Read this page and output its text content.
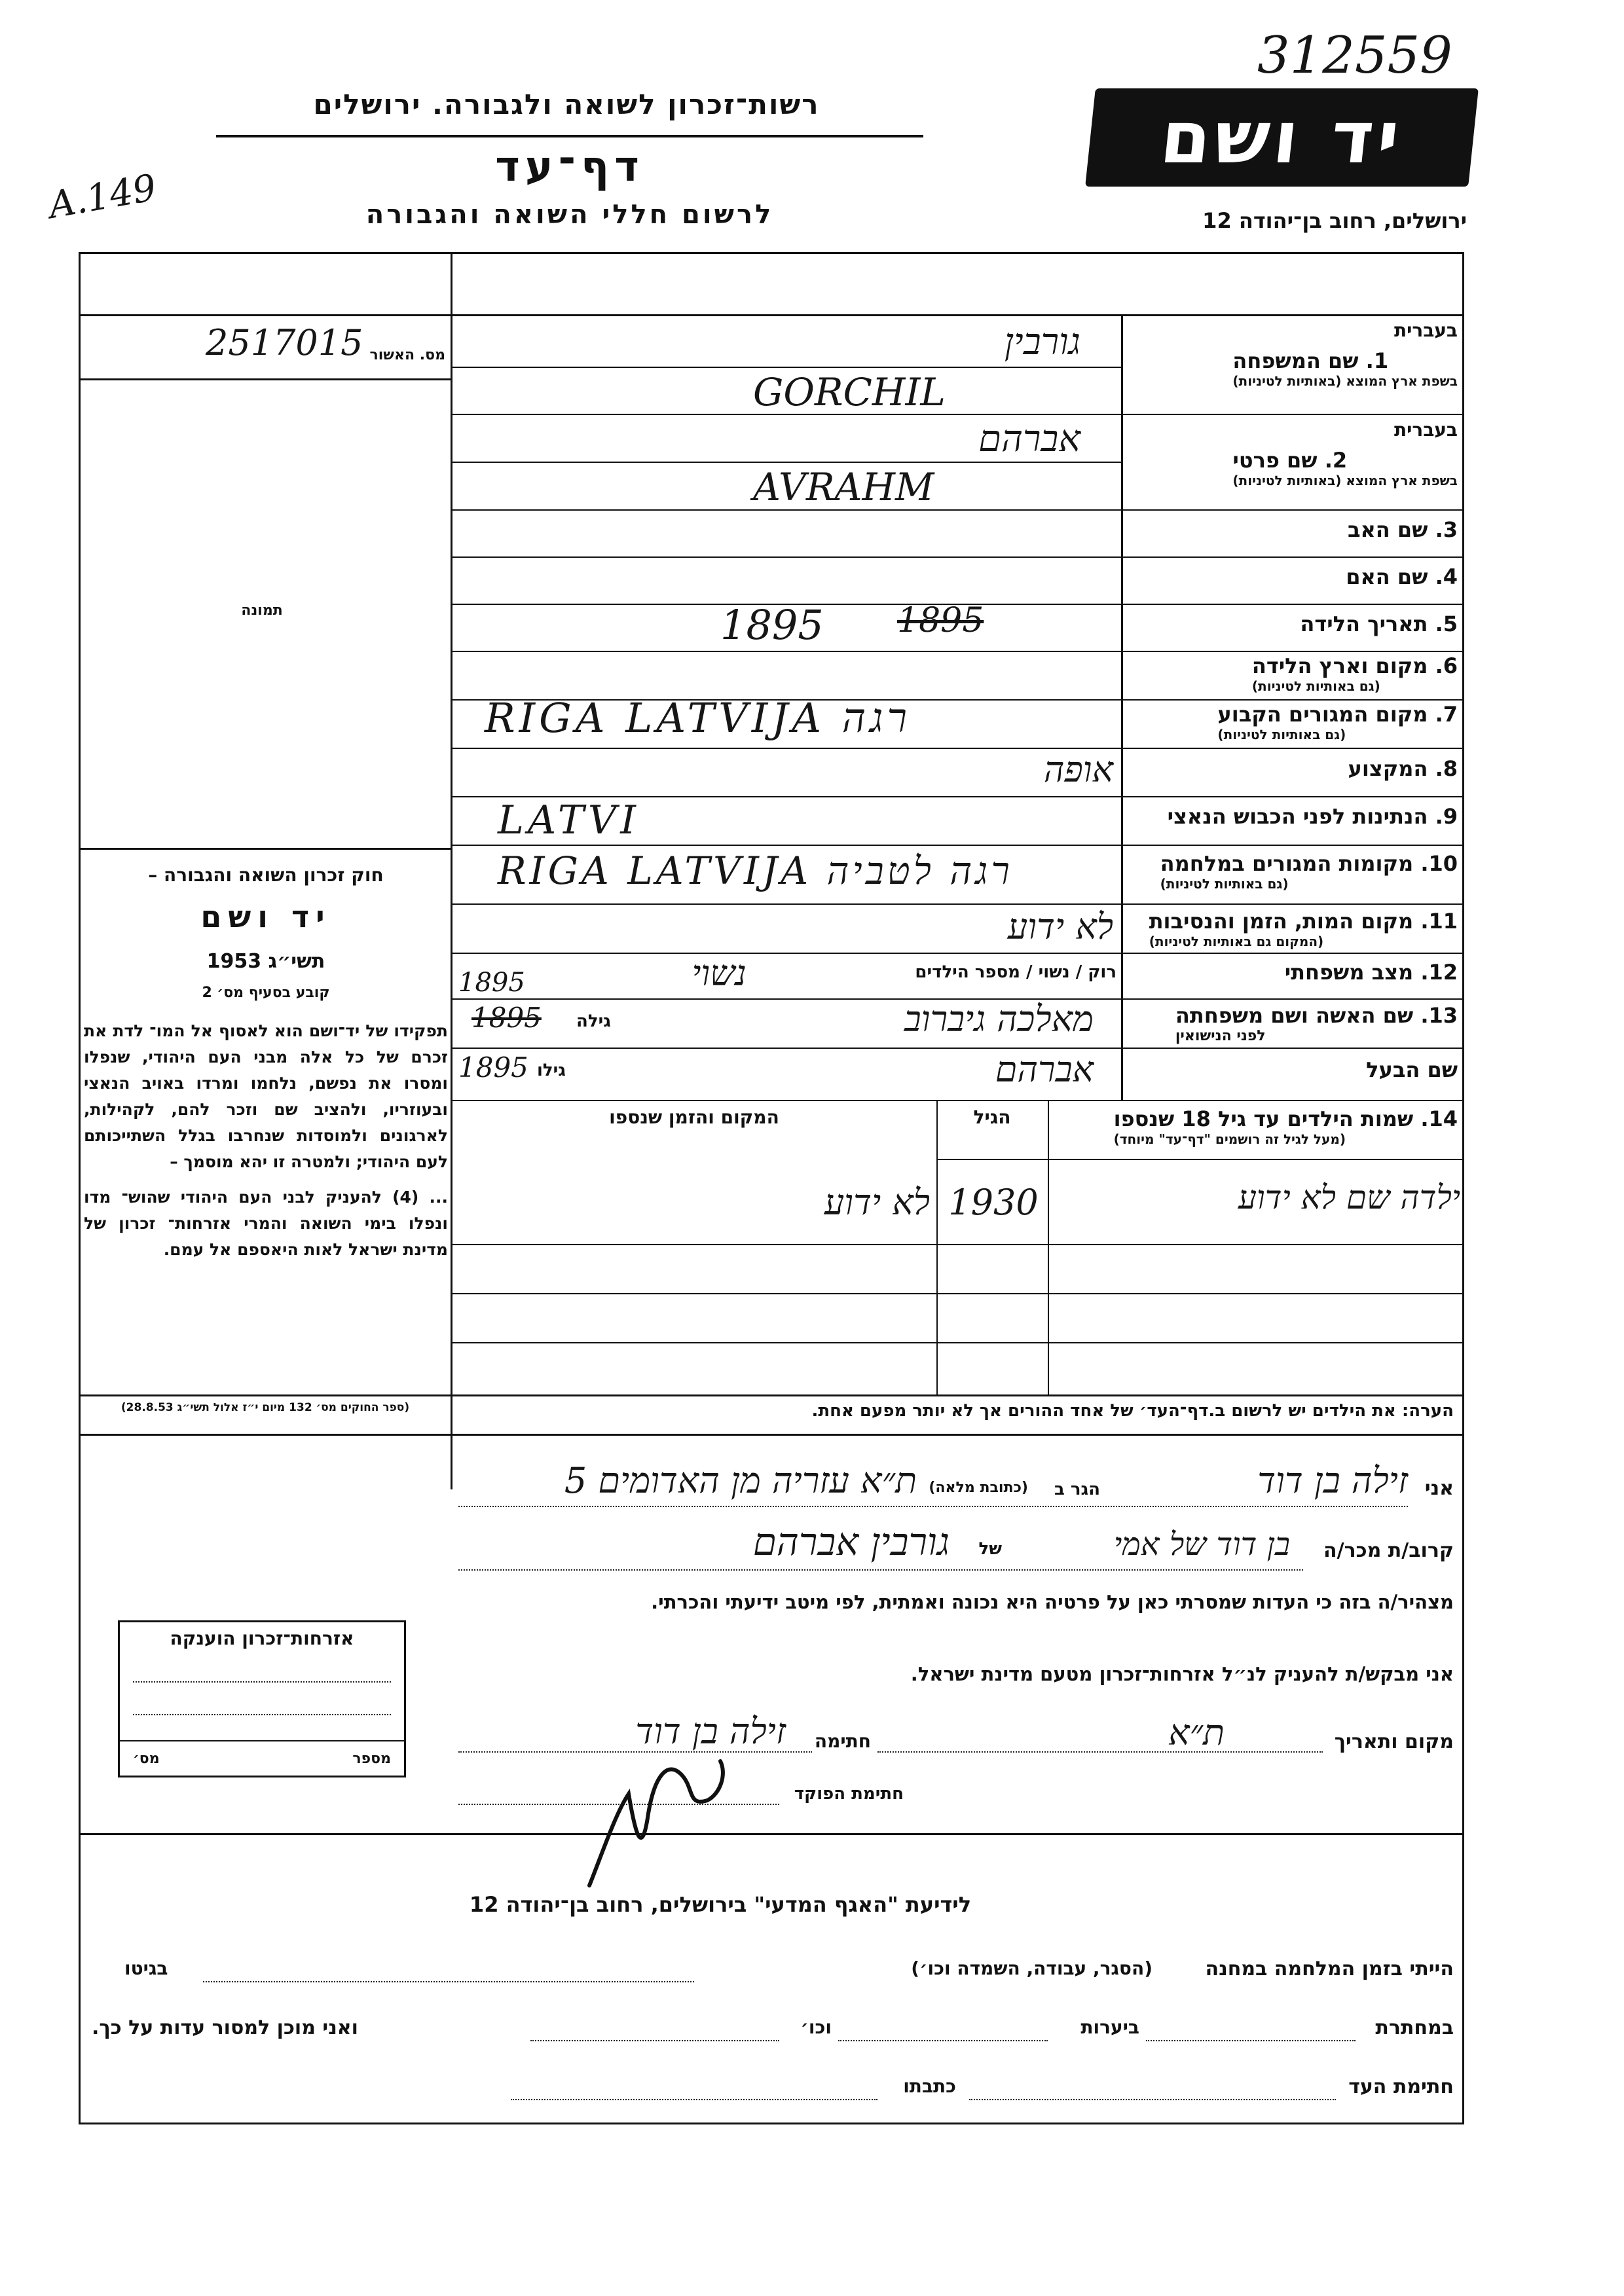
312559
A.149
רשות־זכרון לשואה ולגבורה. ירושלים
דף־עד
לרשום חללי השואה והגבורה
יד ושם
ירושלים, רחוב בן־יהודה 12
2517015 מס. האשור
תמונה
חוק זכרון השואה והגבורה –
יד ושם
תשי״ג 1953
קובע בסעיף מס׳ 2
תפקידו של יד־ושם הוא לאסוף אל המו־ לדת את זכרם של כל אלה מבני העם היהודי, שנפלו ומסרו את נפשם, נלחמו ומרדו באויב הנאצי ובעוזריו, ולהציב שם וזכר להם, לקהילות, לארגונים ולמוסדות שנחרבו בגלל השתייכותם לעם היהודי; ולמטרה זו יהא מוסמך –
... (4) להעניק לבני העם היהודי שהוש־ מדו ונפלו בימי השואה והמרי אזרחות־ זכרון של מדינת ישראל לאות היאספם אל עמם.
(ספר החוקים מס׳ 132 מיום י״ז אלול תשי״ג 28.8.53)
בעברית
1. שם המשפחה
בשפת ארץ המוצא (באותיות לטיניות)
גורבין
GORCHIL
בעברית
2. שם פרטי
בשפת ארץ המוצא (באותיות לטיניות)
אברהם
AVRAHM
3. שם האב
4. שם האם
5. תאריך הלידה
1895	1895
6. מקום וארץ הלידה
(גם באותיות לטיניות)
7. מקום המגורים הקבוע
(גם באותיות לטיניות)
RIGA LATVIJA רגה
8. המקצוע
אופה
9. הנתינות לפני הכבוש הנאצי
LATVI
10. מקומות המגורים במלחמה
(גם באותיות לטיניות)
RIGA LATVIJA רגה לטביה
11. מקום המות, הזמן והנסיבות
(המקום גם באותיות לטיניות)
לא ידוע
12. מצב משפחתי
רוק / נשוי / מספר הילדים
נשוי
1895
13. שם האשה ושם משפחתה
לפני הנישואין
מאלכה גיברוב
גילה
1895
שם הבעל
אברהם
גילו
1895
14. שמות הילדים עד גיל 18 שנספו
(מעל לגיל זה רושמים "דף־עד" מיוחד)
הגיל
המקום והזמן שנספו
ילדה שם לא ידוע
1930
לא ידוע
הערה: את הילדים יש לרשום ב.דף־העד׳ של אחד ההורים אך לא יותר מפעם אחת.
אני
זילה בן דוד
הגר ב
(כתובת מלאה)
ת״א עזריה מן האדומים 5
קרוב/ת מכר/ה
בן דוד של אמי
של
גורבין אברהם
מצהיר/ה בזה כי העדות שמסרתי כאן על פרטיה היא נכונה ואמתית, לפי מיטב ידיעתי והכרתי.
אני מבקש/ת להעניק לנ״ל אזרחות־זכרון מטעם מדינת ישראל.
מקום ותאריך
ת״א
חתימה
זילה בן דוד
חתימת הפוקד
אזרחות־זכרון הוענקה
מספר
מס׳
לידיעת "האגף המדעי" בירושלים, רחוב בן־יהודה 12
הייתי בזמן המלחמה במחנה
(הסגר, עבודה, השמדה וכו׳)
בגיטו
במחתרת
ביערות
וכו׳
ואני מוכן למסור עדות על כך.
חתימת העד
כתבתו
